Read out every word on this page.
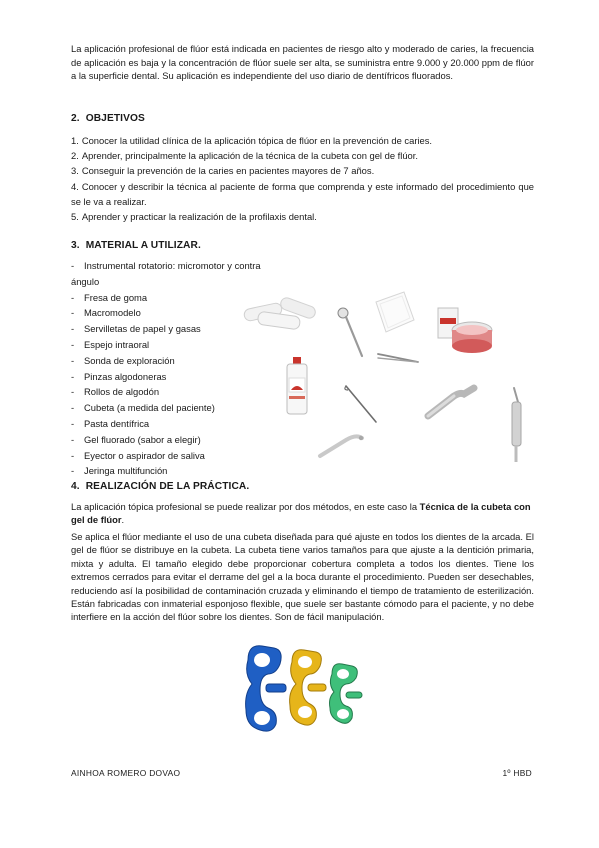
La aplicación profesional de flúor está indicada en pacientes de riesgo alto y moderado de caries, la frecuencia de aplicación es baja y la concentración de flúor suele ser alta, se suministra entre 9.000 y 20.000 ppm de flúor a la superficie dental. Su aplicación es independiente del uso diario de dentífricos fluorados.

2. OBJETIVOS
1. Conocer la utilidad clínica de la aplicación tópica de flúor en la prevención de caries.
2. Aprender, principalmente la aplicación de la técnica de la cubeta con gel de flúor.
3. Conseguir la prevención de la caries en pacientes mayores de 7 años.
4. Conocer y describir la técnica al paciente de forma que comprenda y este informado del procedimiento que se le va a realizar.
5. Aprender y practicar la realización de la profilaxis dental.
3. MATERIAL A UTILIZAR.
- Instrumental rotatorio: micromotor y contra ángulo
- Fresa de goma
- Macromodelo
- Servilletas de papel y gasas
- Espejo intraoral
- Sonda de exploración
- Pinzas algodoneras
- Rollos de algodón
- Cubeta (a medida del paciente)
- Pasta dentífrica
- Gel fluorado (sabor a elegir)
- Eyector o aspirador de saliva
- Jeringa multifunción
4. REALIZACIÓN DE LA PRÁCTICA.

La aplicación tópica profesional se puede realizar por dos métodos, en este caso la Técnica de la cubeta con gel de flúor.

Se aplica el flúor mediante el uso de una cubeta diseñada para qué ajuste en todos los dientes de la arcada. El gel de flúor se distribuye en la cubeta. La cubeta tiene varios tamaños para que ajuste a la dentición primaria, mixta y adulta. El tamaño elegido debe proporcionar cobertura completa a todos los dientes. Tiene los extremos cerrados para evitar el derrame del gel a la boca durante el procedimiento. Pueden ser desechables, reduciendo así la posibilidad de contaminación cruzada y eliminando el tiempo de tratamiento de esterilización. Están fabricadas con inmaterial esponjoso flexible, que suele ser bastante cómodo para el paciente, y no debe interfiere en la acción del flúor sobre los dientes. Son de fácil manipulación.

AINHOA ROMERO DOVAO	1º HBD
